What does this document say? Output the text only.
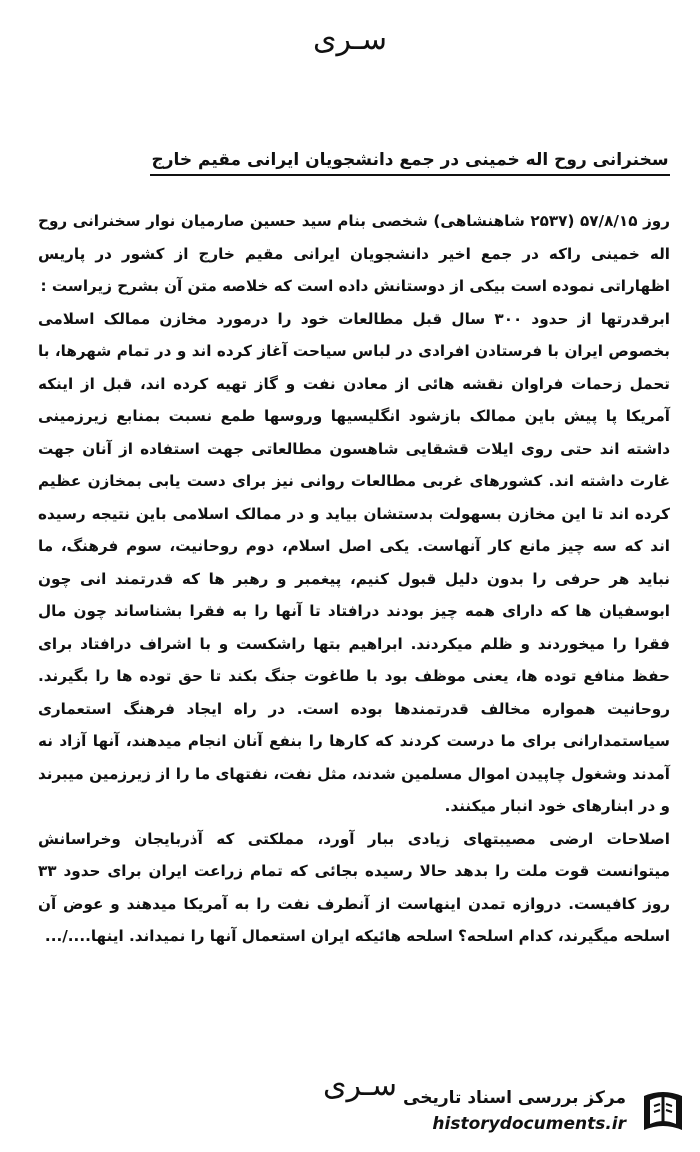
سـرى
سخنرانی روح اله خمینی در جمع دانشجویان ایرانی مقیم خارج

روز ۵۷/۸/۱۵ (۲۵۳۷ شاهنشاهی) شخصی بنام سید حسین صارمیان نوار سخنرانی روح اله خمینی راکه در جمع اخیر دانشجویان ایرانی مقیم خارج از کشور در پاریس اظهاراتی نموده است بیکی از دوستانش داده است که خلاصه متن آن بشرح زیراست :

ابرقدرتها از حدود ۳۰۰ سال قبل مطالعات خود را درمورد مخازن ممالک اسلامی بخصوص ایران با فرستادن افرادی در لباس سیاحت آغاز کرده اند و در تمام شهرها، با تحمل زحمات فراوان نقشه هائی از معادن نفت و گاز تهیه کرده اند، قبل از اینکه آمریکا پا پیش باین ممالک بازشود انگلیسیها وروسها طمع نسبت بمنابع زیرزمینی داشته اند حتی روی ایلات قشقایی شاهسون مطالعاتی جهت استفاده از آنان جهت غارت داشته اند. کشورهای غربی مطالعات روانی نیز برای دست یابی بمخازن عظیم کرده اند تا این مخازن بسهولت بدستشان بیاید و در ممالک اسلامی باین نتیجه رسیده اند که سه چیز مانع کار آنهاست. یکی اصل اسلام، دوم روحانیت، سوم فرهنگ، ما نباید هر حرفی را بدون دلیل قبول کنیم، پیغمبر و رهبر ها که قدرتمند انی چون ابوسفیان ها که دارای همه چیز بودند درافتاد تا آنها را به فقرا بشناساند چون مال فقرا را میخوردند و ظلم میکردند. ابراهیم بتها راشکست و با اشراف درافتاد برای حفظ منافع توده ها، یعنی موظف بود با طاغوت جنگ بکند تا حق توده ها را بگیرند. روحانیت همواره مخالف قدرتمندها بوده است. در راه ایجاد فرهنگ استعماری سیاستمدارانی برای ما درست کردند که کارها را بنفع آنان انجام میدهند، آنها آزاد نه آمدند وشغول چاپیدن اموال مسلمین شدند، مثل نفت، نفتهای ما را از زیرزمین میبرند و در ابنارهای خود انبار میکنند.

اصلاحات ارضی مصیبتهای زیادی ببار آورد، مملکتی که آذربایجان وخراسانش میتوانست قوت ملت را بدهد حالا رسیده بجائی که تمام زراعت ایران برای حدود ۳۳ روز کافیست. دروازه تمدن اینهاست از آنطرف نفت را به آمریکا میدهند و عوض آن اسلحه میگیرند، کدام اسلحه؟ اسلحه هائیکه ایران استعمال آنها را نمیداند. اینها..../...

سـرى مرکز بررسی اسناد تاریخی
historydocuments.ir
